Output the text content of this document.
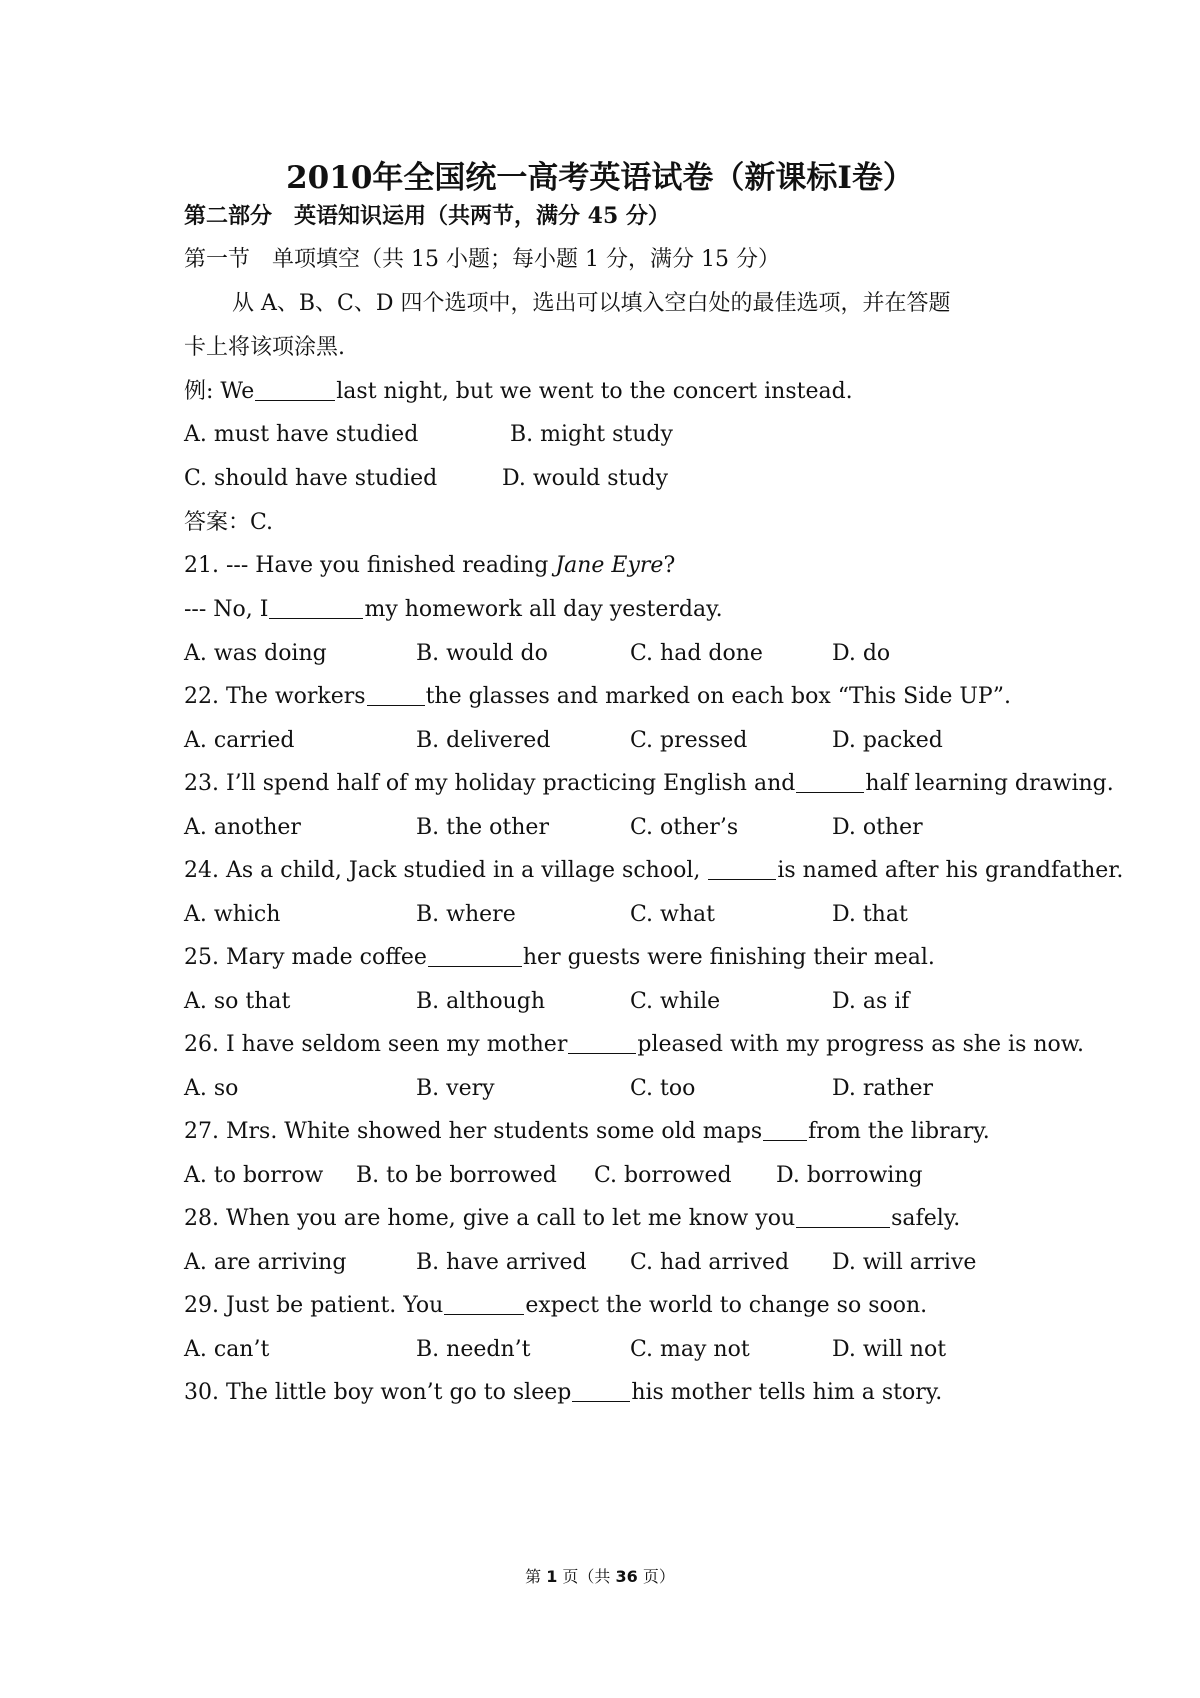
2010年全国统一高考英语试卷（新课标I卷）
第二部分　英语知识运用（共两节，满分 45 分）
第一节　单项填空（共 15 小题；每小题 1 分，满分 15 分）
从 A、B、C、D 四个选项中，选出可以填入空白处的最佳选项，并在答题
卡上将该项涂黑.
例: We	last night, but we went to the concert instead.
A. must have studied	B. might study
C. should have studied	D. would study
答案：C.
21. --- Have you finished reading Jane Eyre?
--- No, I	my homework all day yesterday.
A. was doing	B. would do	C. had done	D. do
22. The workers	the glasses and marked on each box “This Side UP”.
A. carried	B. delivered	C. pressed	D. packed
23. I’ll spend half of my holiday practicing English and	half learning drawing.
A. another	B. the other	C. other’s	D. other
24. As a child, Jack studied in a village school,	is named after his grandfather.
A. which	B. where	C. what	D. that
25. Mary made coffee	her guests were finishing their meal.
A. so that	B. although	C. while	D. as if
26. I have seldom seen my mother	pleased with my progress as she is now.
A. so	B. very	C. too	D. rather
27. Mrs. White showed her students some old maps from the library.
A. to borrow B. to be borrowed C. borrowed D. borrowing
28. When you are home, give a call to let me know you	safely.
A. are arriving	B. have arrived C. had arrived D. will arrive
29. Just be patient. You	expect the world to change so soon.
A. can’t	B. needn’t	C. may not	D. will not
30. The little boy won’t go to sleep	his mother tells him a story.
第 1 页（共 36 页）
